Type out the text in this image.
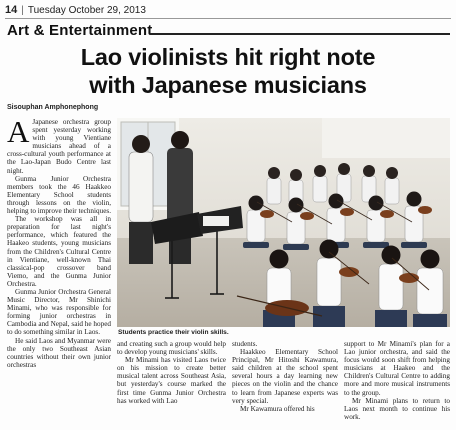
14 | Tuesday October 29, 2013
Art & Entertainment
Lao violinists hit right note
with Japanese musicians
Sisouphan Amphonephong

A Japanese orchestra group spent yesterday working with young Vientiane musicians ahead of a cross-cultural youth performance at the Lao-Japan Budo Centre last night.

Gunma Junior Orchestra members took the 46 Haakkeo Elementary School students through lessons on the violin, helping to improve their techniques.

The workshop was all in preparation for last night's performance, which featured the Haakeo students, young musicians from the Children's Cultural Centre in Vientiane, well-known Thai classical-pop crossover band Viemo, and the Gunma Junior Orchestra.

Gunma Junior Orchestra General Music Director, Mr Shinichi Minami, who was responsible for forming junior orchestras in Cambodia and Nepal, said he hoped to do something similar in Laos.

He said Laos and Myanmar were the only two Southeast Asian countries without their own junior orchestras

Students practice their violin skills.

and creating such a group would help to develop young musicians' skills.

Mr Minami has visited Laos twice on his mission to create better musical talent across Southeast Asia, but yesterday's course marked the first time Gunma Junior Orchestra has worked with Lao

students.

Haakkeo Elementary School Principal, Mr Hitoshi Kawamura, said children at the school spent several hours a day learning new pieces on the violin and the chance to learn from Japanese experts was very special.

Mr Kawamura offered his

support to Mr Minami's plan for a Lao junior orchestra, and said the focus would soon shift from helping musicians at Haakeo and the Children's Cultural Centre to adding more and more musical instruments to the group.

Mr Minami plans to return to Laos next month to continue his work.
